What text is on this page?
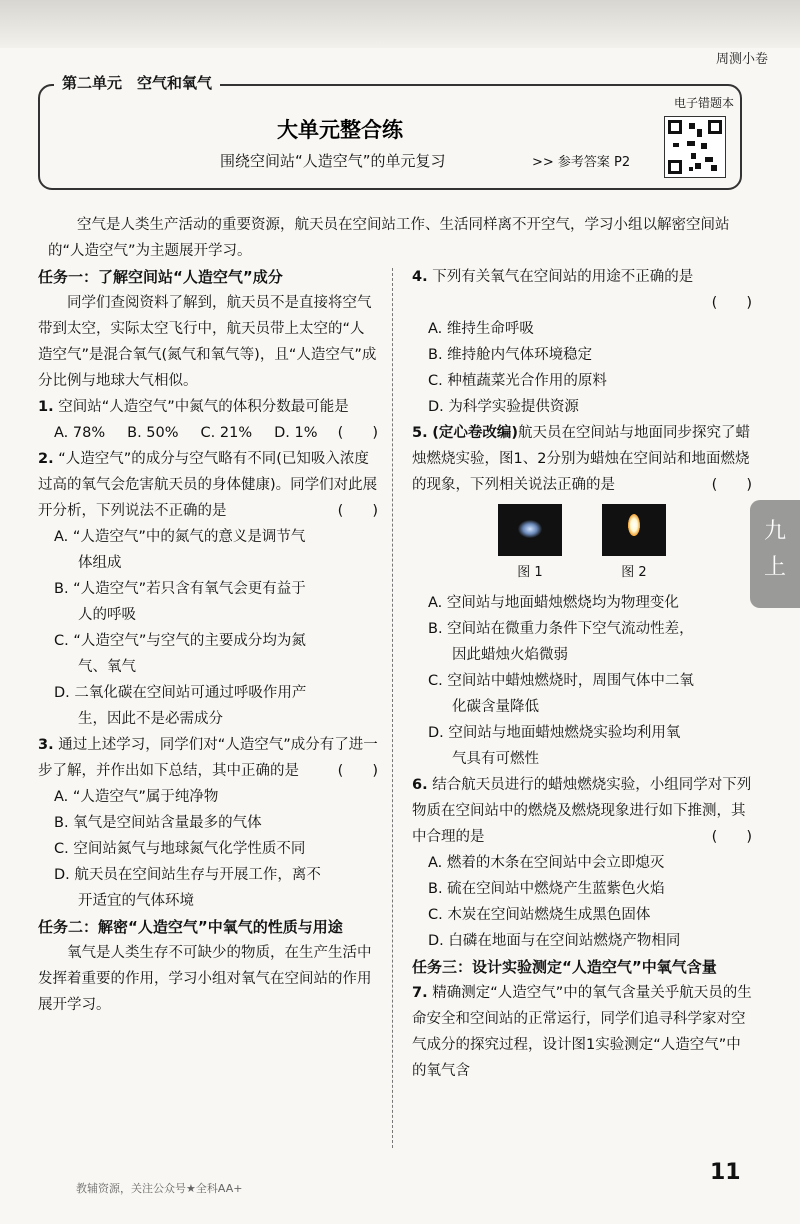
周测小卷
第二单元　空气和氧气
大单元整合练
围绕空间站“人造空气”的单元复习	>> 参考答案 P2
电子错题本
九
上
空气是人类生产活动的重要资源，航天员在空间站工作、生活同样离不开空气，学习小组以解密空间站的“人造空气”为主题展开学习。

任务一：了解空间站“人造空气”成分

同学们查阅资料了解到，航天员不是直接将空气带到太空，实际太空飞行中，航天员带上太空的“人造空气”是混合氧气(氮气和氧气等)，且“人造空气”成分比例与地球大气相似。

1. 空间站“人造空气”中氮气的体积分数最可能是
(　　)

A. 78% B. 50% C. 21% D. 1%

2. “人造空气”的成分与空气略有不同(已知吸入浓度过高的氧气会危害航天员的身体健康)。同学们对此展开分析，下列说法不正确的是	(　　)

A. “人造空气”中的氮气的意义是调节气

体组成

B. “人造空气”若只含有氧气会更有益于

人的呼吸

C. “人造空气”与空气的主要成分均为氮

气、氧气

D. 二氧化碳在空间站可通过呼吸作用产

生，因此不是必需成分

3. 通过上述学习，同学们对“人造空气”成分有了进一步了解，并作出如下总结，其中正确的是	(　　)

A. “人造空气”属于纯净物

B. 氧气是空间站含量最多的气体

C. 空间站氮气与地球氮气化学性质不同

D. 航天员在空间站生存与开展工作，离不

开适宜的气体环境

任务二：解密“人造空气”中氧气的性质与用途

氧气是人类生存不可缺少的物质，在生产生活中发挥着重要的作用，学习小组对氧气在空间站的作用展开学习。

4. 下列有关氧气在空间站的用途不正确的是

(　　)

A. 维持生命呼吸

B. 维持舱内气体环境稳定

C. 种植蔬菜光合作用的原料

D. 为科学实验提供资源

5. (定心卷改编)航天员在空间站与地面同步探究了蜡烛燃烧实验，图1、2分别为蜡烛在空间站和地面燃烧的现象，下列相关说法正确的是	(　　)

图 1	图 2

A. 空间站与地面蜡烛燃烧均为物理变化

B. 空间站在微重力条件下空气流动性差，

因此蜡烛火焰微弱

C. 空间站中蜡烛燃烧时，周围气体中二氧

化碳含量降低

D. 空间站与地面蜡烛燃烧实验均利用氧

气具有可燃性

6. 结合航天员进行的蜡烛燃烧实验，小组同学对下列物质在空间站中的燃烧及燃烧现象进行如下推测，其中合理的是	(　　)

A. 燃着的木条在空间站中会立即熄灭

B. 硫在空间站中燃烧产生蓝紫色火焰

C. 木炭在空间站燃烧生成黑色固体

D. 白磷在地面与在空间站燃烧产物相同

任务三：设计实验测定“人造空气”中氧气含量

7. 精确测定“人造空气”中的氧气含量关乎航天员的生命安全和空间站的正常运行，同学们追寻科学家对空气成分的探究过程，设计图1实验测定“人造空气”中的氧气含

教辅资源，关注公众号★全科AA+
11
